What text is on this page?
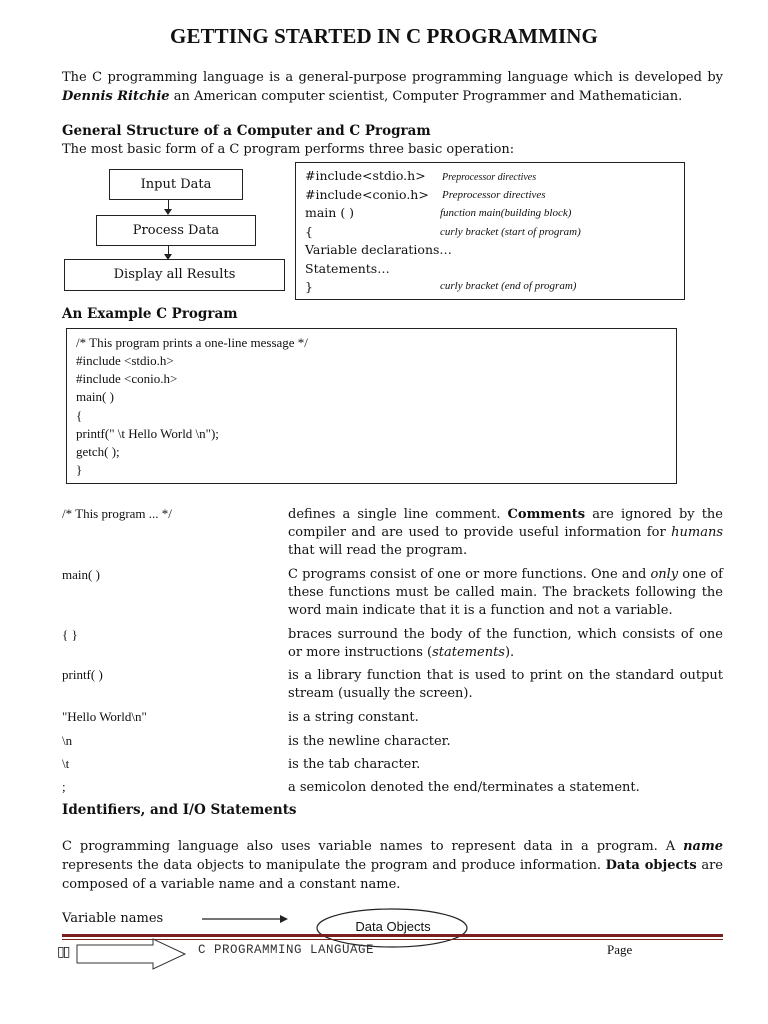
GETTING STARTED IN C PROGRAMMING
The C programming language is a general-purpose programming language which is developed by Dennis Ritchie an American computer scientist, Computer Programmer and Mathematician.
General Structure of a Computer and C Program
The most basic form of a C program performs three basic operation:
Input Data
Process Data
Display all Results
#include<stdio.h> Preprocessor directives
#include<conio.h> Preprocessor directives
main ( )	function main(building block)
{	curly bracket (start of program)
Variable declarations…
Statements…
}	curly bracket (end of program)
An Example C Program
/* This program prints a one-line message */
#include <stdio.h>
#include <conio.h>
main( )
{
printf(" \t Hello World \n");
getch( );
}
/* This program ... */	defines a single line comment. Comments are ignored by the compiler and are used to provide useful information for humans that will read the program.
main( )	C programs consist of one or more functions. One and only one of these functions must be called main. The brackets following the word main indicate that it is a function and not a variable.
{ }	braces surround the body of the function, which consists of one or more instructions (statements).
printf( )	is a library function that is used to print on the standard output stream (usually the screen).
"Hello World\n"	is a string constant.
\n	is the newline character.
\t	is the tab character.
;	a semicolon denoted the end/terminates a statement.
Identifiers, and I/O Statements
C programming language also uses variable names to represent data in a program. A name represents the data objects to manipulate the program and produce information. Data objects are composed of a variable name and a constant name.
Variable names
Data Objects
▯▯	C PROGRAMMING LANGUAGE	Page
